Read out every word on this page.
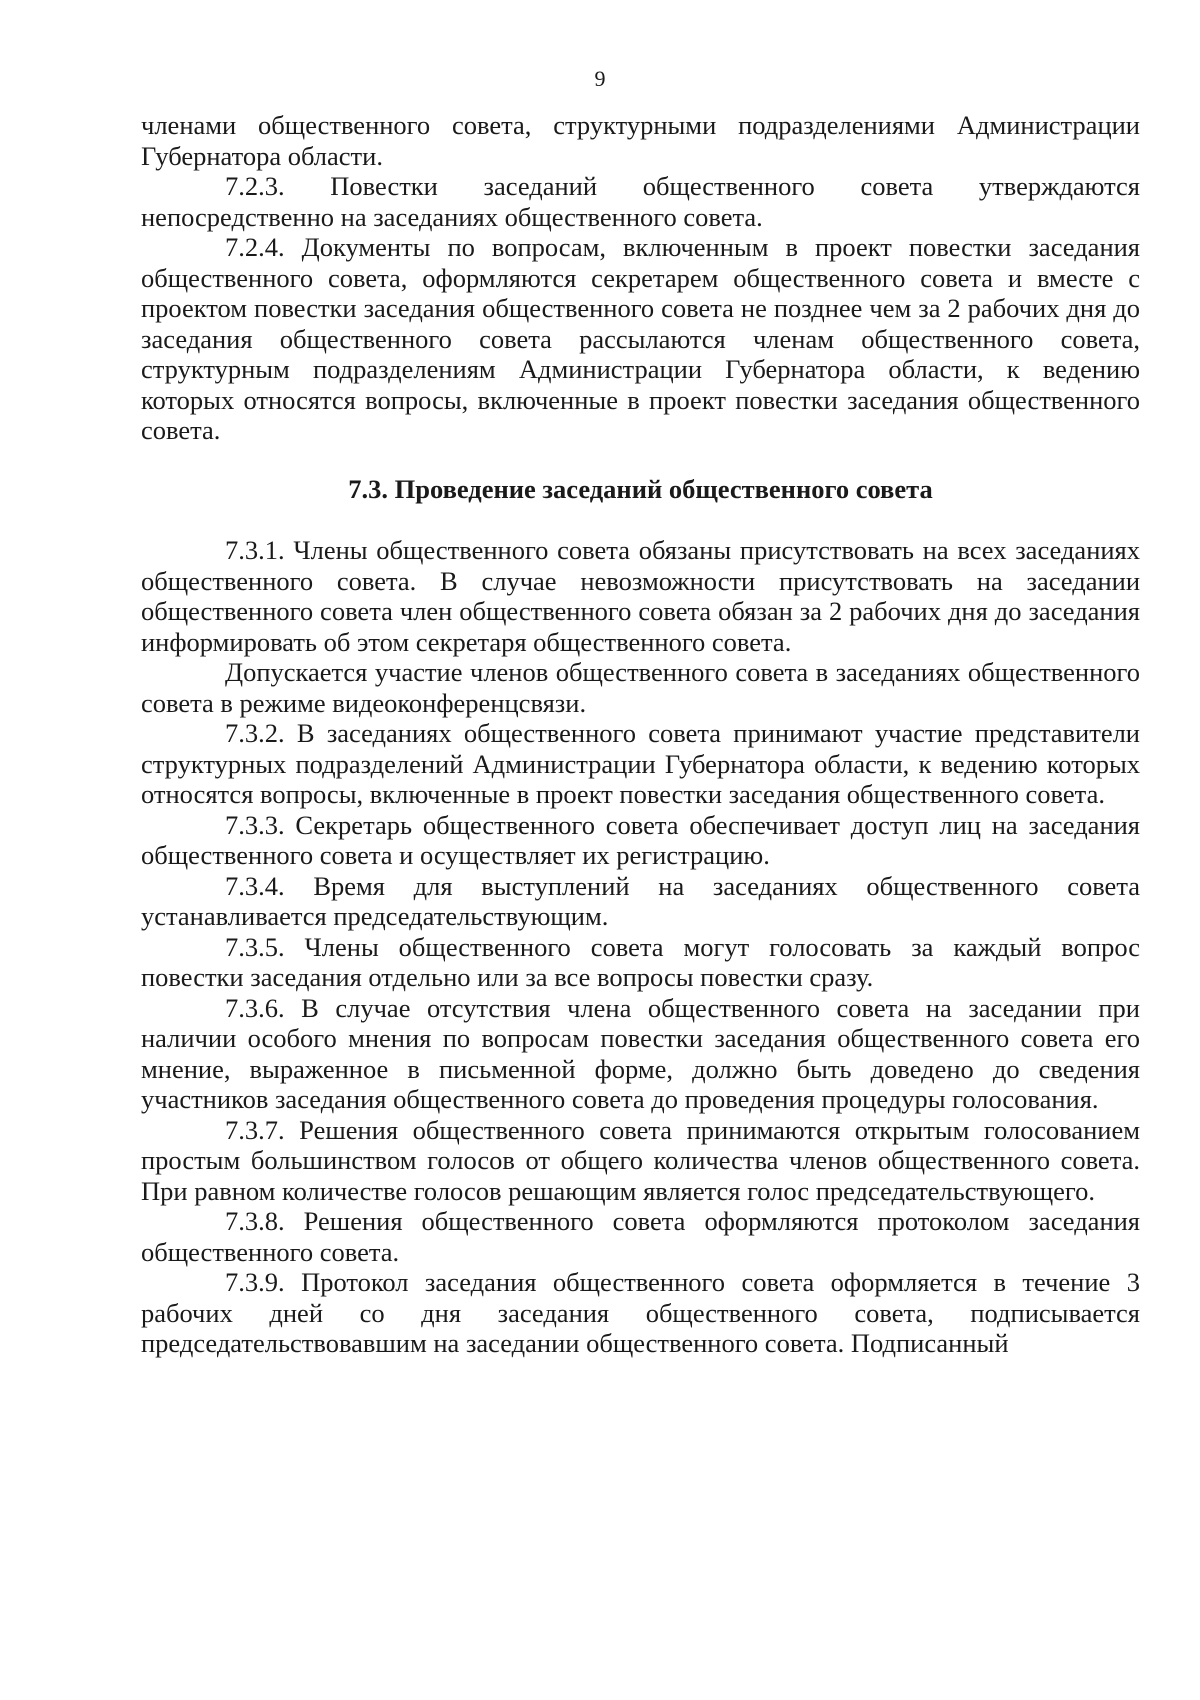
9

членами общественного совета, структурными подразделениями Администрации Губернатора области.

7.2.3. Повестки заседаний общественного совета утверждаются непосредственно на заседаниях общественного совета.

7.2.4. Документы по вопросам, включенным в проект повестки заседания общественного совета, оформляются секретарем общественного совета и вместе с проектом повестки заседания общественного совета не позднее чем за 2 рабочих дня до заседания общественного совета рассылаются членам общественного совета, структурным подразделениям Администрации Губернатора области, к ведению которых относятся вопросы, включенные в проект повестки заседания общественного совета.

7.3. Проведение заседаний общественного совета

7.3.1. Члены общественного совета обязаны присутствовать на всех заседаниях общественного совета. В случае невозможности присутствовать на заседании общественного совета член общественного совета обязан за 2 рабочих дня до заседания информировать об этом секретаря общественного совета.

Допускается участие членов общественного совета в заседаниях общественного совета в режиме видеоконференцсвязи.

7.3.2. В заседаниях общественного совета принимают участие представители структурных подразделений Администрации Губернатора области, к ведению которых относятся вопросы, включенные в проект повестки заседания общественного совета.

7.3.3. Секретарь общественного совета обеспечивает доступ лиц на заседания общественного совета и осуществляет их регистрацию.

7.3.4. Время для выступлений на заседаниях общественного совета устанавливается председательствующим.

7.3.5. Члены общественного совета могут голосовать за каждый вопрос повестки заседания отдельно или за все вопросы повестки сразу.

7.3.6. В случае отсутствия члена общественного совета на заседании при наличии особого мнения по вопросам повестки заседания общественного совета его мнение, выраженное в письменной форме, должно быть доведено до сведения участников заседания общественного совета до проведения процедуры голосования.

7.3.7. Решения общественного совета принимаются открытым голосованием простым большинством голосов от общего количества членов общественного совета. При равном количестве голосов решающим является голос председательствующего.

7.3.8. Решения общественного совета оформляются протоколом заседания общественного совета.

7.3.9. Протокол заседания общественного совета оформляется в течение 3 рабочих дней со дня заседания общественного совета, подписывается председательствовавшим на заседании общественного совета. Подписанный
